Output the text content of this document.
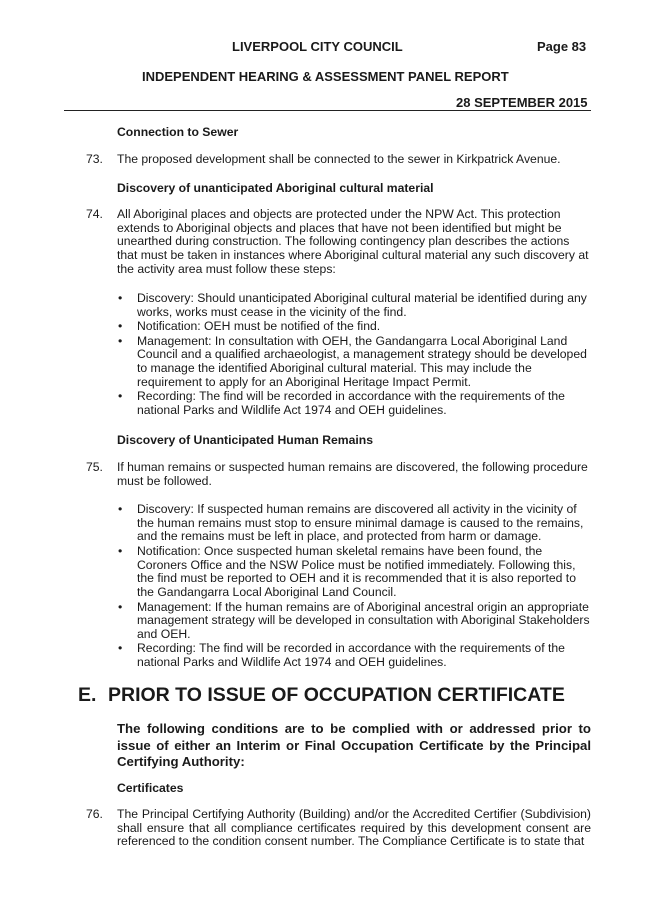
LIVERPOOL CITY COUNCIL	Page 83
INDEPENDENT HEARING & ASSESSMENT PANEL REPORT
28 SEPTEMBER 2015
Connection to Sewer
73.	The proposed development shall be connected to the sewer in Kirkpatrick Avenue.
Discovery of unanticipated Aboriginal cultural material
74.	All Aboriginal places and objects are protected under the NPW Act. This protection extends to Aboriginal objects and places that have not been identified but might be unearthed during construction. The following contingency plan describes the actions that must be taken in instances where Aboriginal cultural material any such discovery at the activity area must follow these steps:
• Discovery: Should unanticipated Aboriginal cultural material be identified during any works, works must cease in the vicinity of the find.
• Notification: OEH must be notified of the find.
• Management: In consultation with OEH, the Gandangarra Local Aboriginal Land Council and a qualified archaeologist, a management strategy should be developed to manage the identified Aboriginal cultural material. This may include the requirement to apply for an Aboriginal Heritage Impact Permit.
• Recording: The find will be recorded in accordance with the requirements of the national Parks and Wildlife Act 1974 and OEH guidelines.
Discovery of Unanticipated Human Remains
75.	If human remains or suspected human remains are discovered, the following procedure must be followed.
• Discovery: If suspected human remains are discovered all activity in the vicinity of the human remains must stop to ensure minimal damage is caused to the remains, and the remains must be left in place, and protected from harm or damage.
• Notification: Once suspected human skeletal remains have been found, the Coroners Office and the NSW Police must be notified immediately. Following this, the find must be reported to OEH and it is recommended that it is also reported to the Gandangarra Local Aboriginal Land Council.
• Management: If the human remains are of Aboriginal ancestral origin an appropriate management strategy will be developed in consultation with Aboriginal Stakeholders and OEH.
• Recording: The find will be recorded in accordance with the requirements of the national Parks and Wildlife Act 1974 and OEH guidelines.
E. PRIOR TO ISSUE OF OCCUPATION CERTIFICATE
The following conditions are to be complied with or addressed prior to issue of either an Interim or Final Occupation Certificate by the Principal Certifying Authority:
Certificates
76.	The Principal Certifying Authority (Building) and/or the Accredited Certifier (Subdivision) shall ensure that all compliance certificates required by this development consent are referenced to the condition consent number. The Compliance Certificate is to state that
